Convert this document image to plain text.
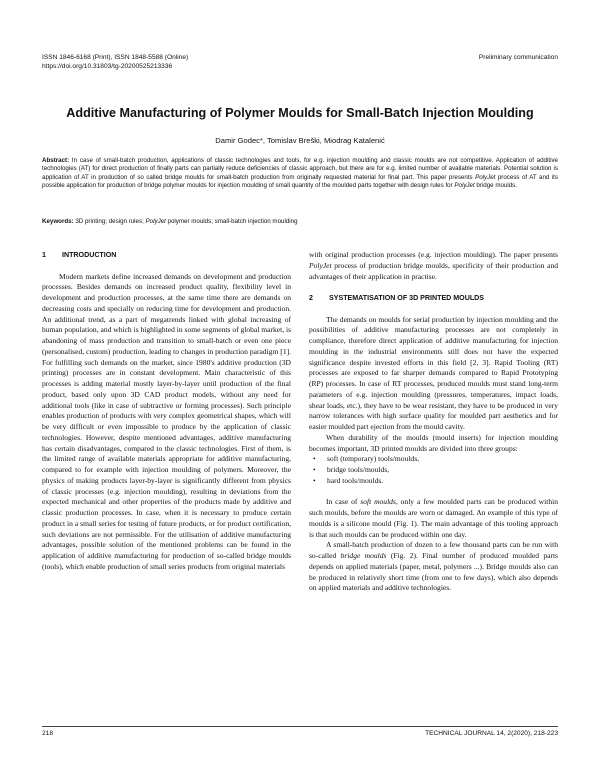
ISSN 1846-6168 (Print), ISSN 1848-5588 (Online)
https://doi.org/10.31803/tg-20200525213336
Preliminary communication
Additive Manufacturing of Polymer Moulds for Small-Batch Injection Moulding
Damir Godec*, Tomislav Breški, Miodrag Katalenić
Abstract: In case of small-batch production, applications of classic technologies and tools, for e.g. injection moulding and classic moulds are not competitive. Application of additive technologies (AT) for direct production of finally parts can partially reduce deficiencies of classic approach, but there are for e.g. limited number of available materials. Potential solution is application of AT in production of so called bridge moulds for small-batch production from originally requested material for final part. This paper presents PolyJet process of AT and its possible application for production of bridge polymer moulds for injection moulding of small quantity of the moulded parts together with design rules for PolyJet bridge moulds.
Keywords: 3D printing; design rules; PolyJet polymer moulds; small-batch injection moulding
1 INTRODUCTION

Modern markets define increased demands on development and production processes. Besides demands on increased product quality, flexibility level in development and production processes, at the same time there are demands on decreasing costs and specially on reducing time for development and production. An additional trend, as a part of megatrends linked with global increasing of human population, and which is highlighted in some segments of global market, is abandoning of mass production and transition to small-batch or even one piece (personalised, custom) production, leading to changes in production paradigm [1]. For fulfilling such demands on the market, since 1980's additive production (3D printing) processes are in constant development. Main characteristic of this processes is adding material mostly layer-by-layer until production of the final product, based only upon 3D CAD product models, without any need for additional tools (like in case of subtractive or forming processes). Such principle enables production of products with very complex geometrical shapes, which will be very difficult or even impossible to produce by the application of classic technologies. However, despite mentioned advantages, additive manufacturing has certain disadvantages, compared to the classic technologies. First of them, is the limited range of available materials appropriate for additive manufacturing, compared to for example with injection moulding of polymers. Moreover, the physics of making products layer-by-layer is significantly different from physics of classic processes (e.g. injection moulding), resulting in deviations from the expected mechanical and other properties of the products made by additive and classic production processes. In case, when it is necessary to produce certain product in a small series for testing of future products, or for product certification, such deviations are not permissible. For the utilisation of additive manufacturing advantages, possible solution of the mentioned problems can be found in the application of additive manufacturing for production of so-called bridge moulds (tools), which enable production of small series products from original materials

with original production processes (e.g. injection moulding). The paper presents PolyJet process of production bridge moulds, specificity of their production and advantages of their application in practise.
2 SYSTEMATISATION OF 3D PRINTED MOULDS

The demands on moulds for serial production by injection moulding and the possibilities of additive manufacturing processes are not completely in compliance, therefore direct application of additive manufacturing for injection moulding in the industrial environments still does not have the expected significance despite invested efforts in this field [2, 3]. Rapid Tooling (RT) processes are exposed to far sharper demands compared to Rapid Prototyping (RP) processes. In case of RT processes, produced moulds must stand long-term parameters of e.g. injection moulding (pressures, temperatures, impact loads, shear loads, etc.), they have to be wear resistant, they have to be produced in very narrow tolerances with high surface quality for moulded part aesthetics and for easier moulded part ejection from the mould cavity.

When durability of the moulds (mould inserts) for injection moulding becomes important, 3D printed moulds are divided into three groups:

• soft (temporary) tools/moulds,
• bridge tools/moulds,
• hard tools/moulds.

In case of soft moulds, only a few moulded parts can be produced within such moulds, before the moulds are worn or damaged. An example of this type of moulds is a silicone mould (Fig. 1). The main advantage of this tooling approach is that such moulds can be produced within one day.

A small-batch production of dozen to a few thousand parts can be run with so-called bridge moulds (Fig. 2). Final number of produced moulded parts depends on applied materials (paper, metal, polymers ...). Bridge moulds also can be produced in relatively short time (from one to few days), which also depends on applied materials and additive technologies.

218	TECHNICAL JOURNAL 14, 2(2020), 218-223
